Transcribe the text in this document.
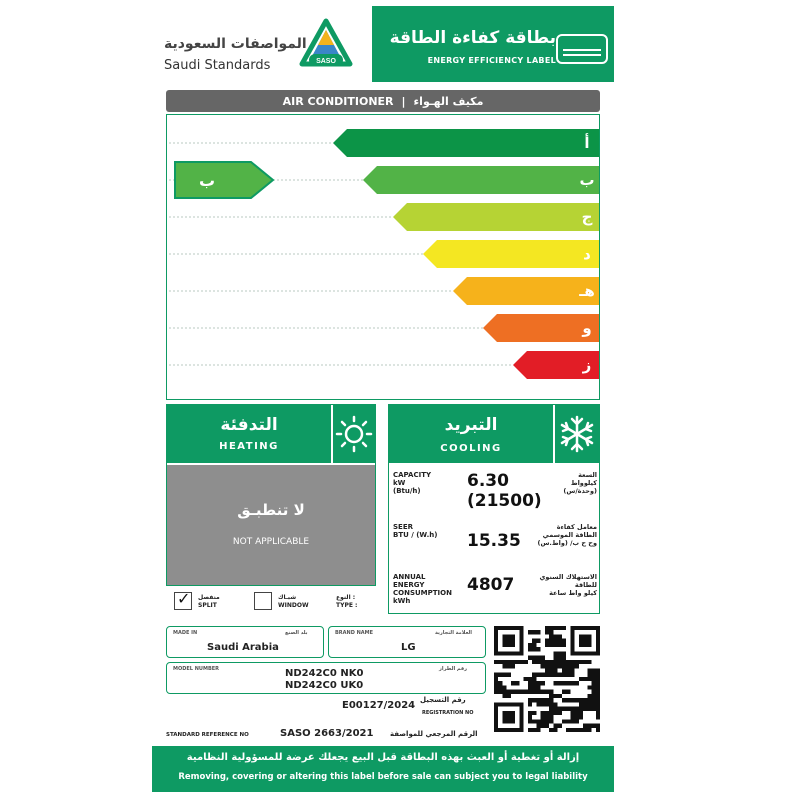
المواصفات السعودية
Saudi Standards	SASO
بطاقة كفاءة الطاقة
ENERGY EFFICIENCY LABEL
AIR CONDITIONER | مكيف الهـواء
أ
ب
ج
د
هـ
و
ز
ب
التدفئة
HEATING
لا تنطبـق
NOT APPLICABLE
✓ منفصل
SPLIT
شبـاك
WINDOW
النوع :
TYPE :
التبريد
COOLING
CAPACITY
kW
(Btu/h)	6.30
(21500)
السعة
كيلوواط
(وحدة/س)
SEER
BTU / (W.h)	15.35
معامل كفاءة الطاقة الموسمي
وح ح ب/ (واط.س)
ANNUAL ENERGY
CONSUMPTION
kWh
4807	الاستهلاك السنوي
للطاقة
كيلو واط ساعة
MADE IN	بلد الصنع
Saudi Arabia
BRAND NAME	العلامة التجارية
LG
MODEL NUMBER	رقم الطراز
ND242C0 NK0
ND242C0 UK0
رقم التسجيل
REGISTRATION NO
E00127/2024
STANDARD REFERENCE NO	SASO 2663/2021 الرقم المرجعي للمواصفة
إزالة أو تغطية أو العبث بهذه البطاقة قبل البيع يجعلك عرضة للمسؤولية النظامية
Removing, covering or altering this label before sale can subject you to legal liability
